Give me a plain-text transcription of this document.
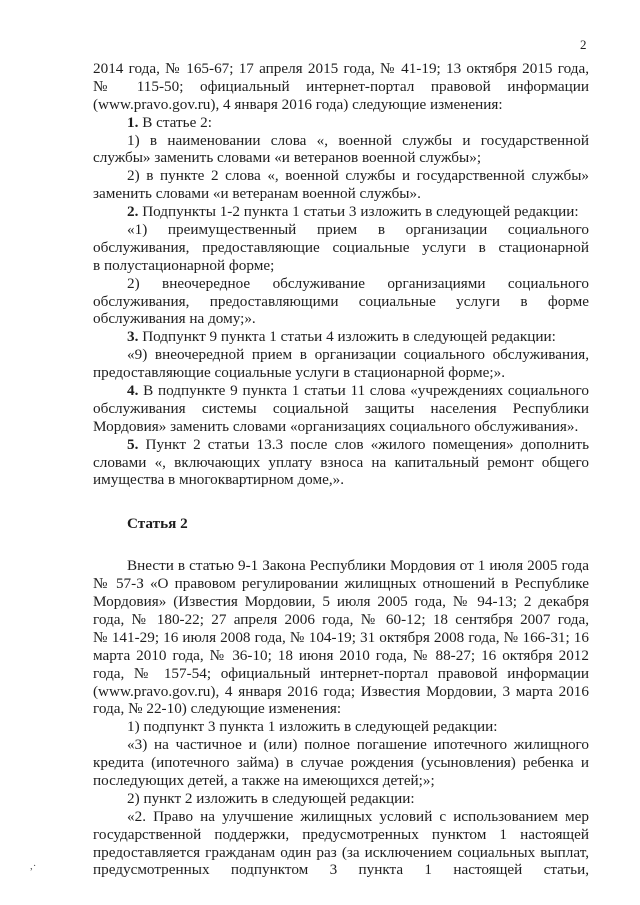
2
2014 года, № 165-67; 17 апреля 2015 года, № 41-19; 13 октября 2015 года,
№ 115-50; официальный интернет-портал правовой информации
(www.pravo.gov.ru), 4 января 2016 года) следующие изменения:
1. В статье 2:
1) в наименовании слова «, военной службы и государственной
службы» заменить словами «и ветеранов военной службы»;
2) в пункте 2 слова «, военной службы и государственной службы»
заменить словами «и ветеранам военной службы».
2. Подпункты 1-2 пункта 1 статьи 3 изложить в следующей редакции:
«1) преимущественный прием в организации социального
обслуживания, предоставляющие социальные услуги в стационарной
в полустационарной форме;
2) внеочередное обслуживание организациями социального
обслуживания, предоставляющими социальные услуги в форме
обслуживания на дому;».
3. Подпункт 9 пункта 1 статьи 4 изложить в следующей редакции:
«9) внеочередной прием в организации социального обслуживания,
предоставляющие социальные услуги в стационарной форме;».
4. В подпункте 9 пункта 1 статьи 11 слова «учреждениях социального
обслуживания системы социальной защиты населения Республики
Мордовия» заменить словами «организациях социального обслуживания».
5. Пункт 2 статьи 13.3 после слов «жилого помещения» дополнить
словами «, включающих уплату взноса на капитальный ремонт общего
имущества в многоквартирном доме,».
Статья 2
Внести в статью 9-1 Закона Республики Мордовия от 1 июля 2005 года
№ 57-З «О правовом регулировании жилищных отношений в Республике
Мордовия» (Известия Мордовии, 5 июля 2005 года, № 94-13; 2 декабря
года, № 180-22; 27 апреля 2006 года, № 60-12; 18 сентября 2007 года,
№ 141-29; 16 июля 2008 года, № 104-19; 31 октября 2008 года, № 166-31; 16
марта 2010 года, № 36-10; 18 июня 2010 года, № 88-27; 16 октября 2012
года, № 157-54; официальный интернет-портал правовой информации
(www.pravo.gov.ru), 4 января 2016 года; Известия Мордовии, 3 марта 2016
года, № 22-10) следующие изменения:
1) подпункт 3 пункта 1 изложить в следующей редакции:
«3) на частичное и (или) полное погашение ипотечного жилищного
кредита (ипотечного займа) в случае рождения (усыновления) ребенка и
последующих детей, а также на имеющихся детей;»;
2) пункт 2 изложить в следующей редакции:
«2. Право на улучшение жилищных условий с использованием мер
государственной поддержки, предусмотренных пунктом 1 настоящей
предоставляется гражданам один раз (за исключением социальных выплат,
предусмотренных подпунктом 3 пункта 1 настоящей статьи,
,·
